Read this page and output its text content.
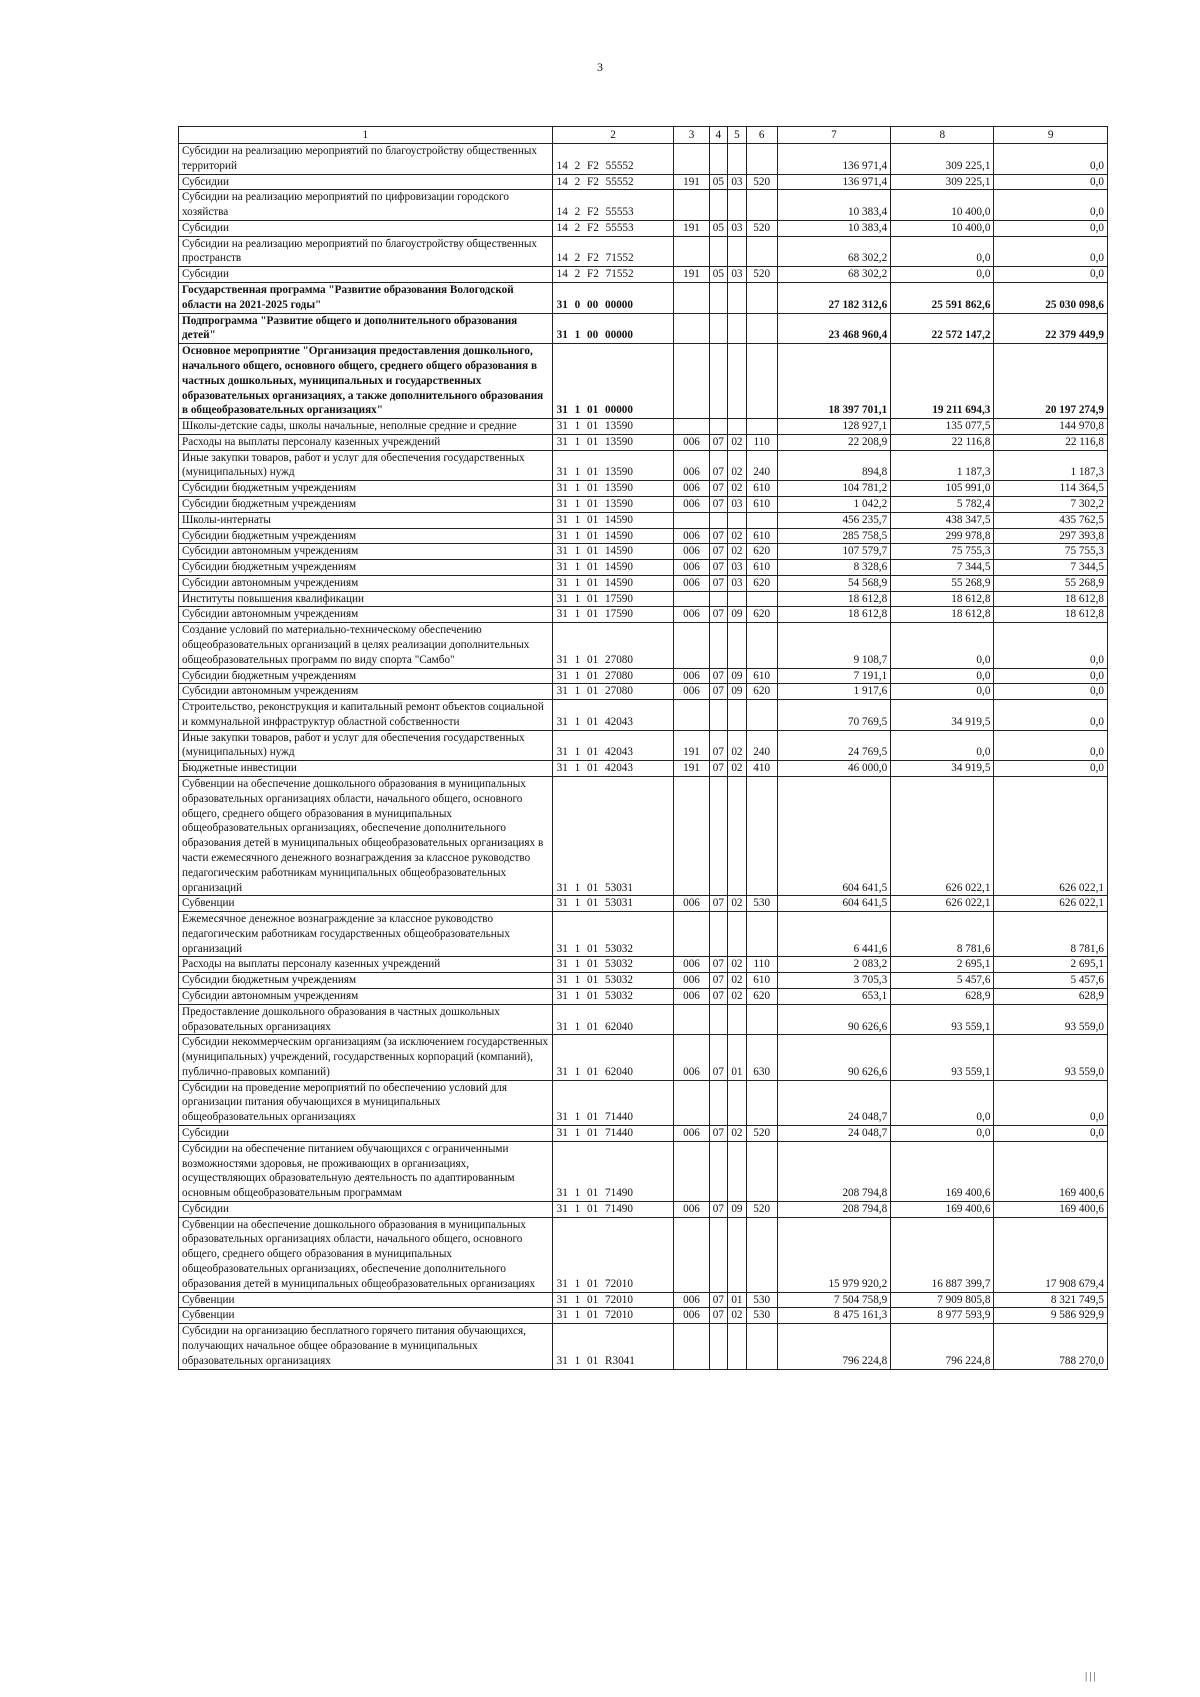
3
1	2	3	4	5	6	7	8	9
Субсидии на реализацию мероприятий по благоустройству общественных территорий	14 2 F2 55552					136 971,4	309 225,1	0,0
Субсидии	14 2 F2 55552	191	05	03	520	136 971,4	309 225,1	0,0
Субсидии на реализацию мероприятий по цифровизации городского хозяйства	14 2 F2 55553					10 383,4	10 400,0	0,0
Субсидии	14 2 F2 55553	191	05	03	520	10 383,4	10 400,0	0,0
Субсидии на реализацию мероприятий по благоустройству общественных пространств	14 2 F2 71552					68 302,2	0,0	0,0
Субсидии	14 2 F2 71552	191	05	03	520	68 302,2	0,0	0,0
Государственная программа "Развитие образования Вологодской области на 2021-2025 годы"	31 0 00 00000					27 182 312,6	25 591 862,6	25 030 098,6
Подпрограмма "Развитие общего и дополнительного образования детей"	31 1 00 00000					23 468 960,4	22 572 147,2	22 379 449,9
Основное мероприятие "Организация предоставления дошкольного, начального общего, основного общего, среднего общего образования в частных дошкольных, муниципальных и государственных образовательных организациях, а также дополнительного образования в общеобразовательных организациях"	31 1 01 00000					18 397 701,1	19 211 694,3	20 197 274,9
Школы-детские сады, школы начальные, неполные средние и средние	31 1 01 13590					128 927,1	135 077,5	144 970,8
Расходы на выплаты персоналу казенных учреждений	31 1 01 13590	006	07	02	110	22 208,9	22 116,8	22 116,8
Иные закупки товаров, работ и услуг для обеспечения государственных (муниципальных) нужд	31 1 01 13590	006	07	02	240	894,8	1 187,3	1 187,3
Субсидии бюджетным учреждениям	31 1 01 13590	006	07	02	610	104 781,2	105 991,0	114 364,5
Субсидии бюджетным учреждениям	31 1 01 13590	006	07	03	610	1 042,2	5 782,4	7 302,2
Школы-интернаты	31 1 01 14590					456 235,7	438 347,5	435 762,5
Субсидии бюджетным учреждениям	31 1 01 14590	006	07	02	610	285 758,5	299 978,8	297 393,8
Субсидии автономным учреждениям	31 1 01 14590	006	07	02	620	107 579,7	75 755,3	75 755,3
Субсидии бюджетным учреждениям	31 1 01 14590	006	07	03	610	8 328,6	7 344,5	7 344,5
Субсидии автономным учреждениям	31 1 01 14590	006	07	03	620	54 568,9	55 268,9	55 268,9
Институты повышения квалификации	31 1 01 17590					18 612,8	18 612,8	18 612,8
Субсидии автономным учреждениям	31 1 01 17590	006	07	09	620	18 612,8	18 612,8	18 612,8
Создание условий по материально-техническому обеспечению общеобразовательных организаций в целях реализации дополнительных общеобразовательных программ по виду спорта "Самбо"	31 1 01 27080					9 108,7	0,0	0,0
Субсидии бюджетным учреждениям	31 1 01 27080	006	07	09	610	7 191,1	0,0	0,0
Субсидии автономным учреждениям	31 1 01 27080	006	07	09	620	1 917,6	0,0	0,0
Строительство, реконструкция и капитальный ремонт объектов социальной и коммунальной инфраструктур областной собственности	31 1 01 42043					70 769,5	34 919,5	0,0
Иные закупки товаров, работ и услуг для обеспечения государственных (муниципальных) нужд	31 1 01 42043	191	07	02	240	24 769,5	0,0	0,0
Бюджетные инвестиции	31 1 01 42043	191	07	02	410	46 000,0	34 919,5	0,0
Субвенции на обеспечение дошкольного образования в муниципальных образовательных организациях области, начального общего, основного общего, среднего общего образования в муниципальных общеобразовательных организациях, обеспечение дополнительного образования детей в муниципальных общеобразовательных организациях в части ежемесячного денежного вознаграждения за классное руководство педагогическим работникам муниципальных общеобразовательных организаций	31 1 01 53031					604 641,5	626 022,1	626 022,1
Субвенции	31 1 01 53031	006	07	02	530	604 641,5	626 022,1	626 022,1
Ежемесячное денежное вознаграждение за классное руководство педагогическим работникам государственных общеобразовательных организаций	31 1 01 53032					6 441,6	8 781,6	8 781,6
Расходы на выплаты персоналу казенных учреждений	31 1 01 53032	006	07	02	110	2 083,2	2 695,1	2 695,1
Субсидии бюджетным учреждениям	31 1 01 53032	006	07	02	610	3 705,3	5 457,6	5 457,6
Субсидии автономным учреждениям	31 1 01 53032	006	07	02	620	653,1	628,9	628,9
Предоставление дошкольного образования в частных дошкольных образовательных организациях	31 1 01 62040					90 626,6	93 559,1	93 559,0
Субсидии некоммерческим организациям (за исключением государственных (муниципальных) учреждений, государственных корпораций (компаний), публично-правовых компаний)	31 1 01 62040	006	07	01	630	90 626,6	93 559,1	93 559,0
Субсидии на проведение мероприятий по обеспечению условий для организации питания обучающихся в муниципальных общеобразовательных организациях	31 1 01 71440					24 048,7	0,0	0,0
Субсидии	31 1 01 71440	006	07	02	520	24 048,7	0,0	0,0
Субсидии на обеспечение питанием обучающихся с ограниченными возможностями здоровья, не проживающих в организациях, осуществляющих образовательную деятельность по адаптированным основным общеобразовательным программам	31 1 01 71490					208 794,8	169 400,6	169 400,6
Субсидии	31 1 01 71490	006	07	09	520	208 794,8	169 400,6	169 400,6
Субвенции на обеспечение дошкольного образования в муниципальных образовательных организациях области, начального общего, основного общего, среднего общего образования в муниципальных общеобразовательных организациях, обеспечение дополнительного образования детей в муниципальных общеобразовательных организациях	31 1 01 72010					15 979 920,2	16 887 399,7	17 908 679,4
Субвенции	31 1 01 72010	006	07	01	530	7 504 758,9	7 909 805,8	8 321 749,5
Субвенции	31 1 01 72010	006	07	02	530	8 475 161,3	8 977 593,9	9 586 929,9
Субсидии на организацию бесплатного горячего питания обучающихся, получающих начальное общее образование в муниципальных образовательных организациях	31 1 01 R3041					796 224,8	796 224,8	788 270,0
|||
